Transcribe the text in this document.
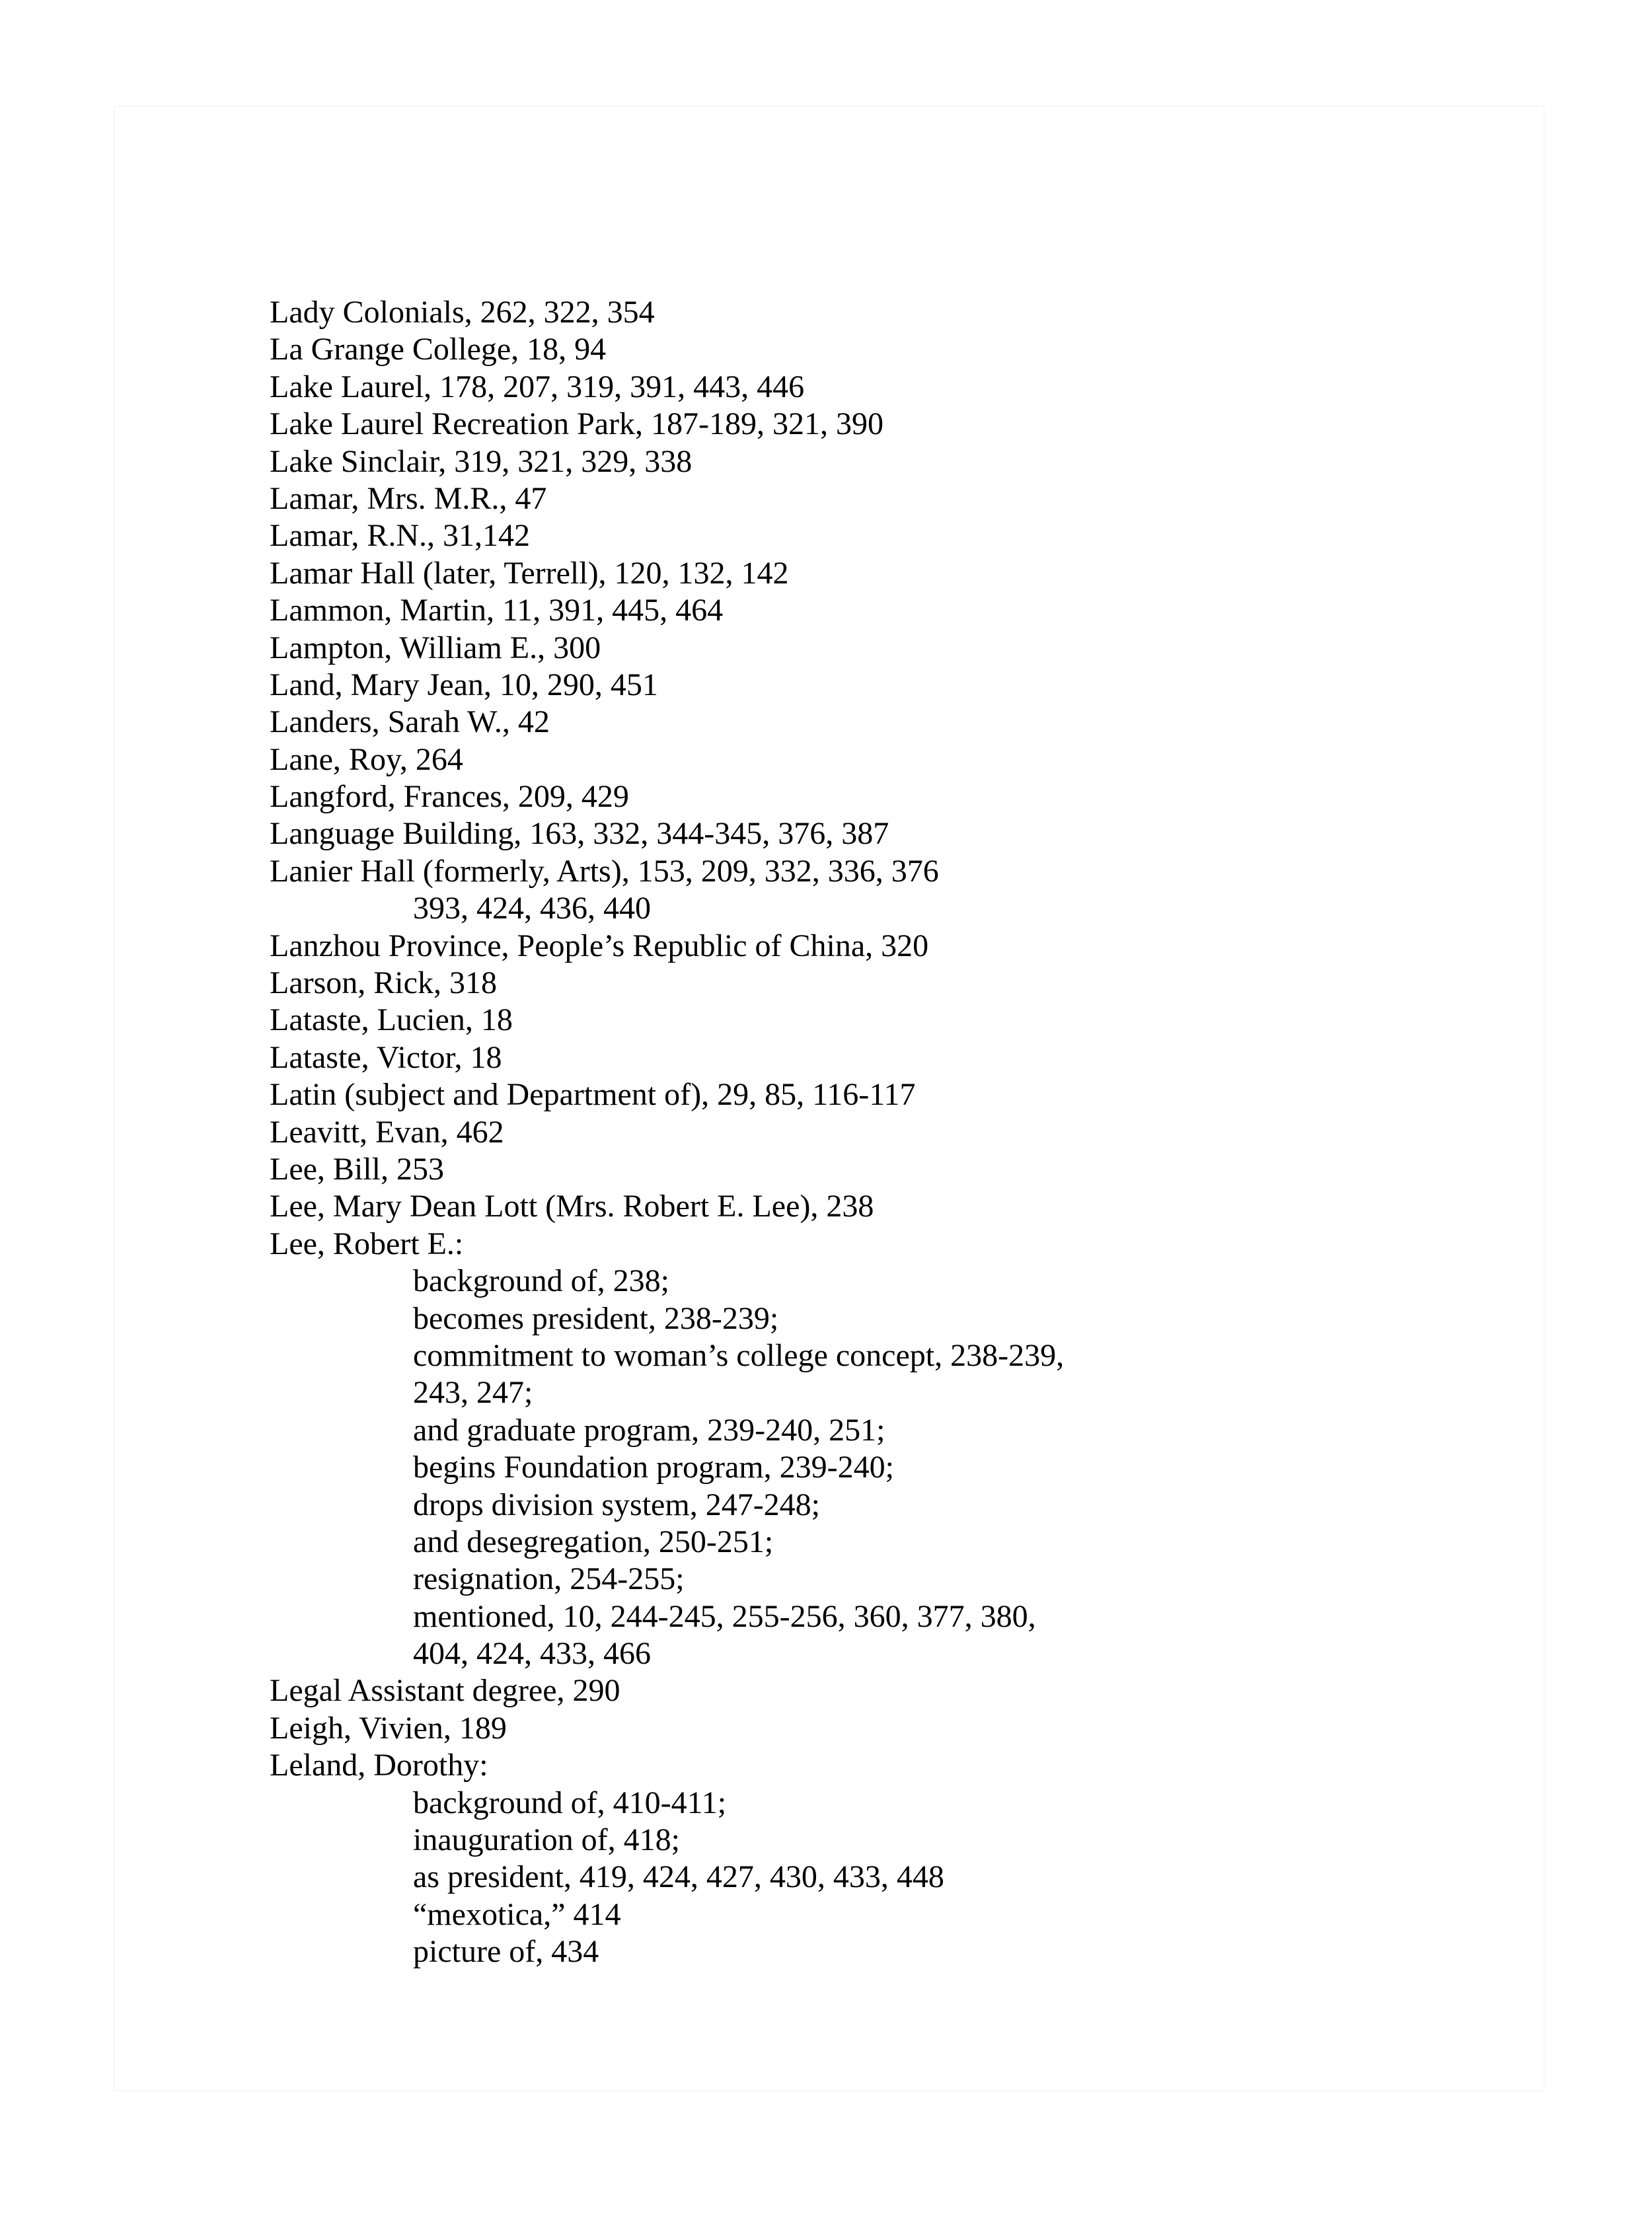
Lady Colonials, 262, 322, 354
La Grange College, 18, 94
Lake Laurel, 178, 207, 319, 391, 443, 446
Lake Laurel Recreation Park, 187-189, 321, 390
Lake Sinclair, 319, 321, 329, 338
Lamar, Mrs. M.R., 47
Lamar, R.N., 31,142
Lamar Hall (later, Terrell), 120, 132, 142
Lammon, Martin, 11, 391, 445, 464
Lampton, William E., 300
Land, Mary Jean, 10, 290, 451
Landers, Sarah W., 42
Lane, Roy, 264
Langford, Frances, 209, 429
Language Building, 163, 332, 344-345, 376, 387
Lanier Hall (formerly, Arts), 153, 209, 332, 336, 376
393, 424, 436, 440
Lanzhou Province, People’s Republic of China, 320
Larson, Rick, 318
Lataste, Lucien, 18
Lataste, Victor, 18
Latin (subject and Department of), 29, 85, 116-117
Leavitt, Evan, 462
Lee, Bill, 253
Lee, Mary Dean Lott (Mrs. Robert E. Lee), 238
Lee, Robert E.:
background of, 238;
becomes president, 238-239;
commitment to woman’s college concept, 238-239,
243, 247;
and graduate program, 239-240, 251;
begins Foundation program, 239-240;
drops division system, 247-248;
and desegregation, 250-251;
resignation, 254-255;
mentioned, 10, 244-245, 255-256, 360, 377, 380,
404, 424, 433, 466
Legal Assistant degree, 290
Leigh, Vivien, 189
Leland, Dorothy:
background of, 410-411;
inauguration of, 418;
as president, 419, 424, 427, 430, 433, 448
“mexotica,” 414
picture of, 434
